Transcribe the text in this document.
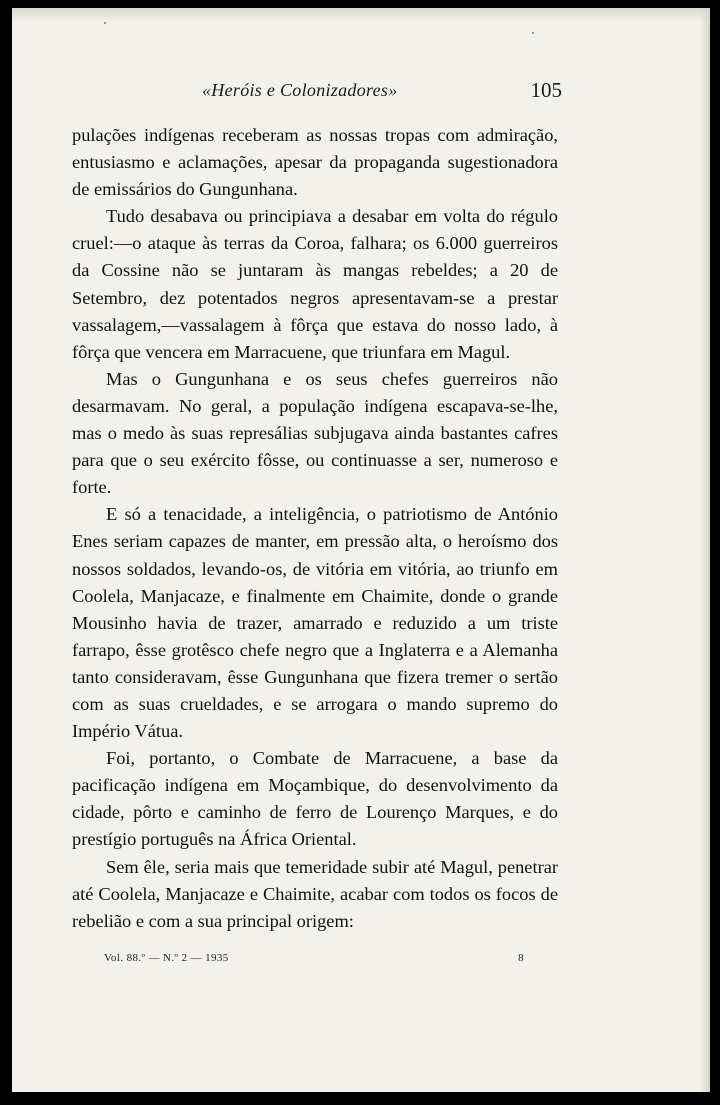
«Heróis e Colonizadores»	105

pulações indígenas receberam as nossas tropas com admiração, entusiasmo e aclamações, apesar da propaganda sugestionadora de emissários do Gungunhana.

Tudo desabava ou principiava a desabar em volta do régulo cruel:—o ataque às terras da Coroa, falhara; os 6.000 guerreiros da Cossine não se juntaram às mangas rebeldes; a 20 de Setembro, dez potentados negros apresentavam-se a prestar vassalagem,—vassalagem à fôrça que estava do nosso lado, à fôrça que vencera em Marracuene, que triunfara em Magul.

Mas o Gungunhana e os seus chefes guerreiros não desarmavam. No geral, a população indígena escapava-se-lhe, mas o medo às suas represálias subjugava ainda bastantes cafres para que o seu exército fôsse, ou continuasse a ser, numeroso e forte.

E só a tenacidade, a inteligência, o patriotismo de António Enes seriam capazes de manter, em pressão alta, o heroísmo dos nossos soldados, levando-os, de vitória em vitória, ao triunfo em Coolela, Manjacaze, e finalmente em Chaimite, donde o grande Mousinho havia de trazer, amarrado e reduzido a um triste farrapo, êsse grotêsco chefe negro que a Inglaterra e a Alemanha tanto consideravam, êsse Gungunhana que fizera tremer o sertão com as suas crueldades, e se arrogara o mando supremo do Império Vátua.

Foi, portanto, o Combate de Marracuene, a base da pacificação indígena em Moçambique, do desenvolvimento da cidade, pôrto e caminho de ferro de Lourenço Marques, e do prestígio português na África Oriental.

Sem êle, seria mais que temeridade subir até Magul, penetrar até Coolela, Manjacaze e Chaimite, acabar com todos os focos de rebelião e com a sua principal origem:

Vol. 88.º — N.º 2 — 1935	8
